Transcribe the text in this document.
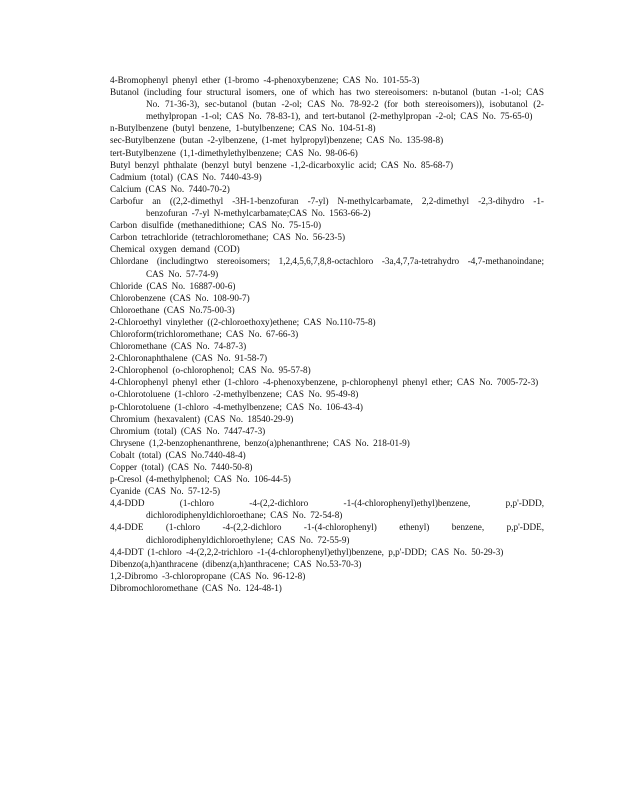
4-Bromophenyl phenyl ether (1-bromo -4-phenoxybenzene; CAS No. 101-55-3)

Butanol (including four structural isomers, one of which has two stereoisomers: n-butanol (butan -1-ol; CAS No. 71-36-3), sec-butanol (butan -2-ol; CAS No. 78-92-2 (for both stereoisomers)), isobutanol (2-methylpropan -1-ol; CAS No. 78-83-1), and tert-butanol (2-methylpropan -2-ol; CAS No. 75-65-0)

n-Butylbenzene (butyl benzene, 1-butylbenzene; CAS No. 104-51-8)

sec-Butylbenzene (butan -2-ylbenzene, (1-met hylpropyl)benzene; CAS No. 135-98-8)

tert-Butylbenzene (1,1-dimethylethylbenzene; CAS No. 98-06-6)

Butyl benzyl phthalate (benzyl butyl benzene -1,2-dicarboxylic acid; CAS No. 85-68-7)

Cadmium (total) (CAS No. 7440-43-9)

Calcium (CAS No. 7440-70-2)

Carbofur an ((2,2-dimethyl -3H-1-benzofuran -7-yl) N-methylcarbamate, 2,2-dimethyl -2,3-dihydro -1-benzofuran -7-yl N-methylcarbamate;CAS No. 1563-66-2)

Carbon disulfide (methanedithione; CAS No. 75-15-0)

Carbon tetrachloride (tetrachloromethane; CAS No. 56-23-5)

Chemical oxygen demand (COD)

Chlordane (includingtwo stereoisomers; 1,2,4,5,6,7,8,8-octachloro -3a,4,7,7a-tetrahydro -4,7-methanoindane; CAS No. 57-74-9)

Chloride (CAS No. 16887-00-6)

Chlorobenzene (CAS No. 108-90-7)

Chloroethane (CAS No.75-00-3)

2-Chloroethyl vinylether ((2-chloroethoxy)ethene; CAS No.110-75-8)

Chloroform(trichloromethane; CAS No. 67-66-3)

Chloromethane (CAS No. 74-87-3)

2-Chloronaphthalene (CAS No. 91-58-7)

2-Chlorophenol (o-chlorophenol; CAS No. 95-57-8)

4-Chlorophenyl phenyl ether (1-chloro -4-phenoxybenzene, p-chlorophenyl phenyl ether; CAS No. 7005-72-3)

o-Chlorotoluene (1-chloro -2-methylbenzene; CAS No. 95-49-8)

p-Chlorotoluene (1-chloro -4-methylbenzene; CAS No. 106-43-4)

Chromium (hexavalent) (CAS No. 18540-29-9)

Chromium (total) (CAS No. 7447-47-3)

Chrysene (1,2-benzophenanthrene, benzo(a)phenanthrene; CAS No. 218-01-9)

Cobalt (total) (CAS No.7440-48-4)

Copper (total) (CAS No. 7440-50-8)

p-Cresol (4-methylphenol; CAS No. 106-44-5)

Cyanide (CAS No. 57-12-5)

4,4-DDD (1-chloro -4-(2,2-dichloro -1-(4-chlorophenyl)ethyl)benzene, p,p'-DDD, dichlorodiphenyldichloroethane; CAS No. 72-54-8)

4,4-DDE (1-chloro -4-(2,2-dichloro -1-(4-chlorophenyl) ethenyl) benzene, p,p'-DDE, dichlorodiphenyldichloroethylene; CAS No. 72-55-9)

4,4-DDT (1-chloro -4-(2,2,2-trichloro -1-(4-chlorophenyl)ethyl)benzene, p,p'-DDD; CAS No. 50-29-3)

Dibenzo(a,h)anthracene (dibenz(a,h)anthracene; CAS No.53-70-3)

1,2-Dibromo -3-chloropropane (CAS No. 96-12-8)

Dibromochloromethane (CAS No. 124-48-1)
